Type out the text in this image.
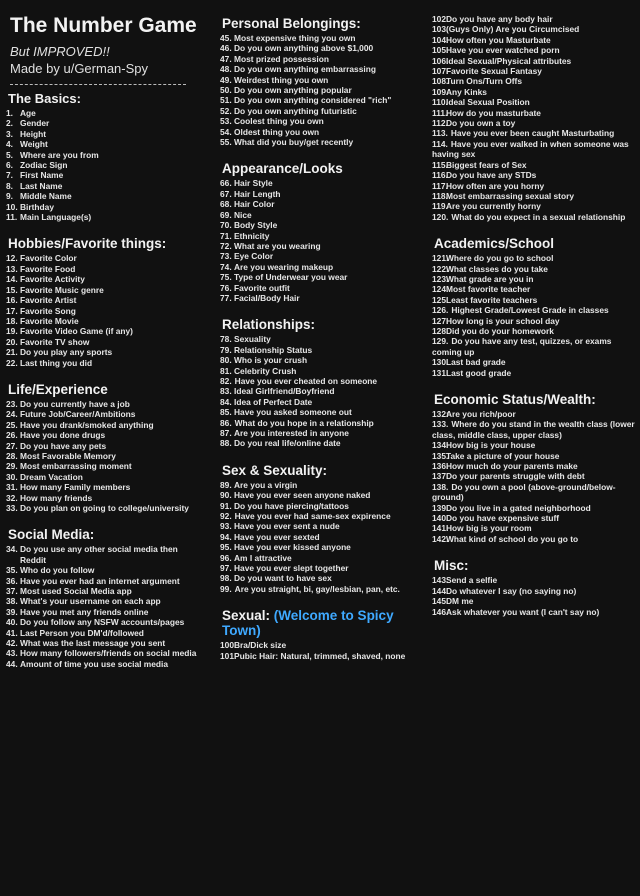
The Number Game
But IMPROVED!!
Made by u/German-Spy
The Basics:
1. Age
2. Gender
3. Height
4. Weight
5. Where are you from
6. Zodiac Sign
7. First Name
8. Last Name
9. Middle Name
10. Birthday
11. Main Language(s)
Hobbies/Favorite things:
12. Favorite Color
13. Favorite Food
14. Favorite Activity
15. Favorite Music genre
16. Favorite Artist
17. Favorite Song
18. Favorite Movie
19. Favorite Video Game (if any)
20. Favorite TV show
21. Do you play any sports
22. Last thing you did
Life/Experience
23. Do you currently have a job
24. Future Job/Career/Ambitions
25. Have you drank/smoked anything
26. Have you done drugs
27. Do you have any pets
28. Most Favorable Memory
29. Most embarrassing moment
30. Dream Vacation
31. How many Family members
32. How many friends
33. Do you plan on going to college/university
Social Media:
34. Do you use any other social media then Reddit
35. Who do you follow
36. Have you ever had an internet argument
37. Most used Social Media app
38. What's your username on each app
39. Have you met any friends online
40. Do you follow any NSFW accounts/pages
41. Last Person you DM'd/followed
42. What was the last message you sent
43. How many followers/friends on social media
44. Amount of time you use social media
Personal Belongings:
45. Most expensive thing you own
46. Do you own anything above $1,000
47. Most prized possession
48. Do you own anything embarrassing
49. Weirdest thing you own
50. Do you own anything popular
51. Do you own anything considered "rich"
52. Do you own anything futuristic
53. Coolest thing you own
54. Oldest thing you own
55. What did you buy/get recently
Appearance/Looks
66. Hair Style
67. Hair Length
68. Hair Color
69. Nice
70. Body Style
71. Ethnicity
72. What are you wearing
73. Eye Color
74. Are you wearing makeup
75. Type of Underwear you wear
76. Favorite outfit
77. Facial/Body Hair
Relationships:
78. Sexuality
79. Relationship Status
80. Who is your crush
81. Celebrity Crush
82. Have you ever cheated on someone
83. Ideal Girlfriend/Boyfriend
84. Idea of Perfect Date
85. Have you asked someone out
86. What do you hope in a relationship
87. Are you interested in anyone
88. Do you real life/online date
Sex & Sexuality:
89. Are you a virgin
90. Have you ever seen anyone naked
91. Do you have piercing/tattoos
92. Have you ever had same-sex expirence
93. Have you ever sent a nude
94. Have you ever sexted
95. Have you ever kissed anyone
96. Am I attractive
97. Have you ever slept together
98. Do you want to have sex
99. Are you straight, bi, gay/lesbian, pan, etc.
Sexual: (Welcome to Spicy Town)
100.Bra/Dick size
101.Pubic Hair: Natural, trimmed, shaved, none
102.Do you have any body hair
103.(Guys Only) Are you Circumcised
104.How often you Masturbate
105.Have you ever watched porn
106.Ideal Sexual/Physical attributes
107.Favorite Sexual Fantasy
108.Turn Ons/Turn Offs
109.Any Kinks
110.Ideal Sexual Position
111.How do you masturbate
112.Do you own a toy
113. Have you ever been caught Masturbating
114. Have you ever walked in when someone was having sex
115.Biggest fears of Sex
116.Do you have any STDs
117.How often are you horny
118.Most embarrassing sexual story
119.Are you currently horny
120. What do you expect in a sexual relationship
Academics/School
121.Where do you go to school
122.What classes do you take
123.What grade are you in
124.Most favorite teacher
125.Least favorite teachers
126. Highest Grade/Lowest Grade in classes
127.How long is your school day
128.Did you do your homework
129. Do you have any test, quizzes, or exams coming up
130.Last bad grade
131.Last good grade
Economic Status/Wealth:
132:Are you rich/poor
133. Where do you stand in the wealth class (lower class, middle class, upper class)
134.How big is your house
135.Take a picture of your house
136.How much do your parents make
137.Do your parents struggle with debt
138. Do you own a pool (above-ground/below-ground)
139.Do you live in a gated neighborhood
140.Do you have expensive stuff
141.How big is your room
142.What kind of school do you go to
Misc:
143.Send a selfie
144.Do whatever I say (no saying no)
145.DM me
146.Ask whatever you want (I can't say no)
